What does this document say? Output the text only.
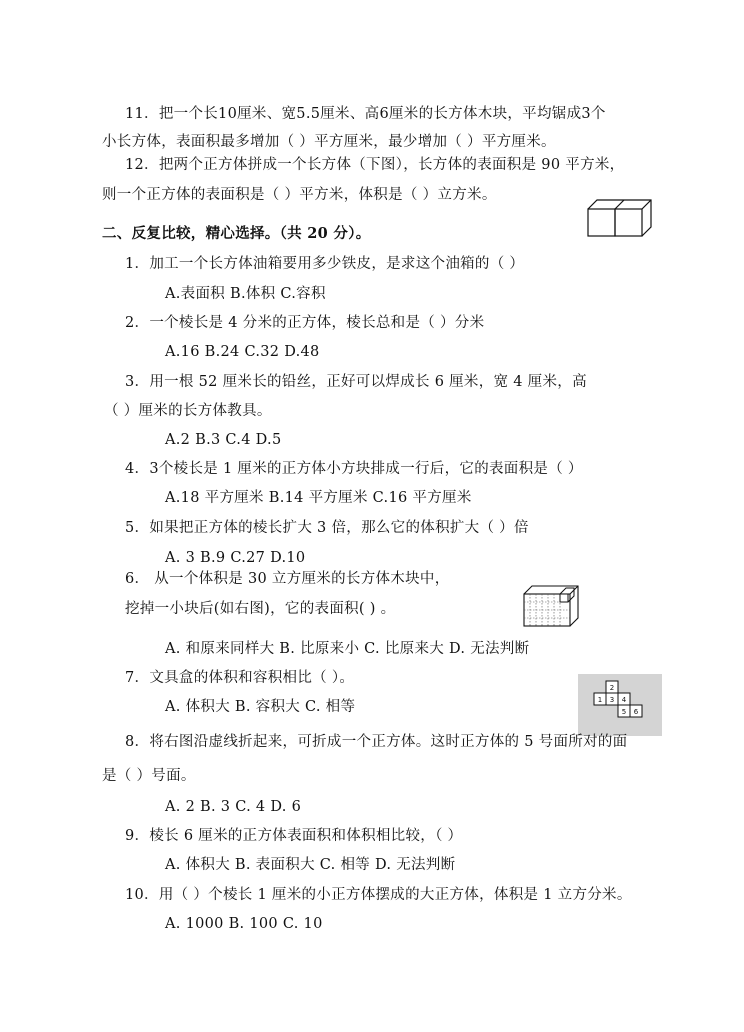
11．把一个长10厘米、宽5.5厘米、高6厘米的长方体木块，平均锯成3个
小长方体，表面积最多增加（ ）平方厘米，最少增加（ ）平方厘米。
12．把两个正方体拼成一个长方体（下图），长方体的表面积是 90 平方米，
则一个正方体的表面积是（ ）平方米，体积是（ ）立方米。
二、反复比较，精心选择。（共 20 分）。
1．加工一个长方体油箱要用多少铁皮，是求这个油箱的（ ）
A.表面积 B.体积 C.容积
2．一个棱长是 4 分米的正方体，棱长总和是（ ）分米
A.16 B.24 C.32 D.48
3．用一根 52 厘米长的铅丝，正好可以焊成长 6 厘米，宽 4 厘米，高
（ ）厘米的长方体教具。
A.2 B.3 C.4 D.5
4．3个棱长是 1 厘米的正方体小方块排成一行后，它的表面积是（ ）
A.18 平方厘米 B.14 平方厘米 C.16 平方厘米
5．如果把正方体的棱长扩大 3 倍，那么它的体积扩大（ ）倍
A. 3 B.9 C.27 D.10
6． 从一个体积是 30 立方厘米的长方体木块中，
挖掉一小块后(如右图)，它的表面积( ) 。
A. 和原来同样大 B. 比原来小 C. 比原来大 D. 无法判断
7．文具盒的体积和容积相比（ ）。
A. 体积大 B. 容积大 C. 相等
2
1 3 4
5 6
8．将右图沿虚线折起来，可折成一个正方体。这时正方体的 5 号面所对的面
是（ ）号面。
A. 2 B. 3 C. 4 D. 6
9．棱长 6 厘米的正方体表面积和体积相比较，（ ）
A. 体积大 B. 表面积大 C. 相等 D. 无法判断
10．用（ ）个棱长 1 厘米的小正方体摆成的大正方体，体积是 1 立方分米。
A. 1000 B. 100 C. 10
